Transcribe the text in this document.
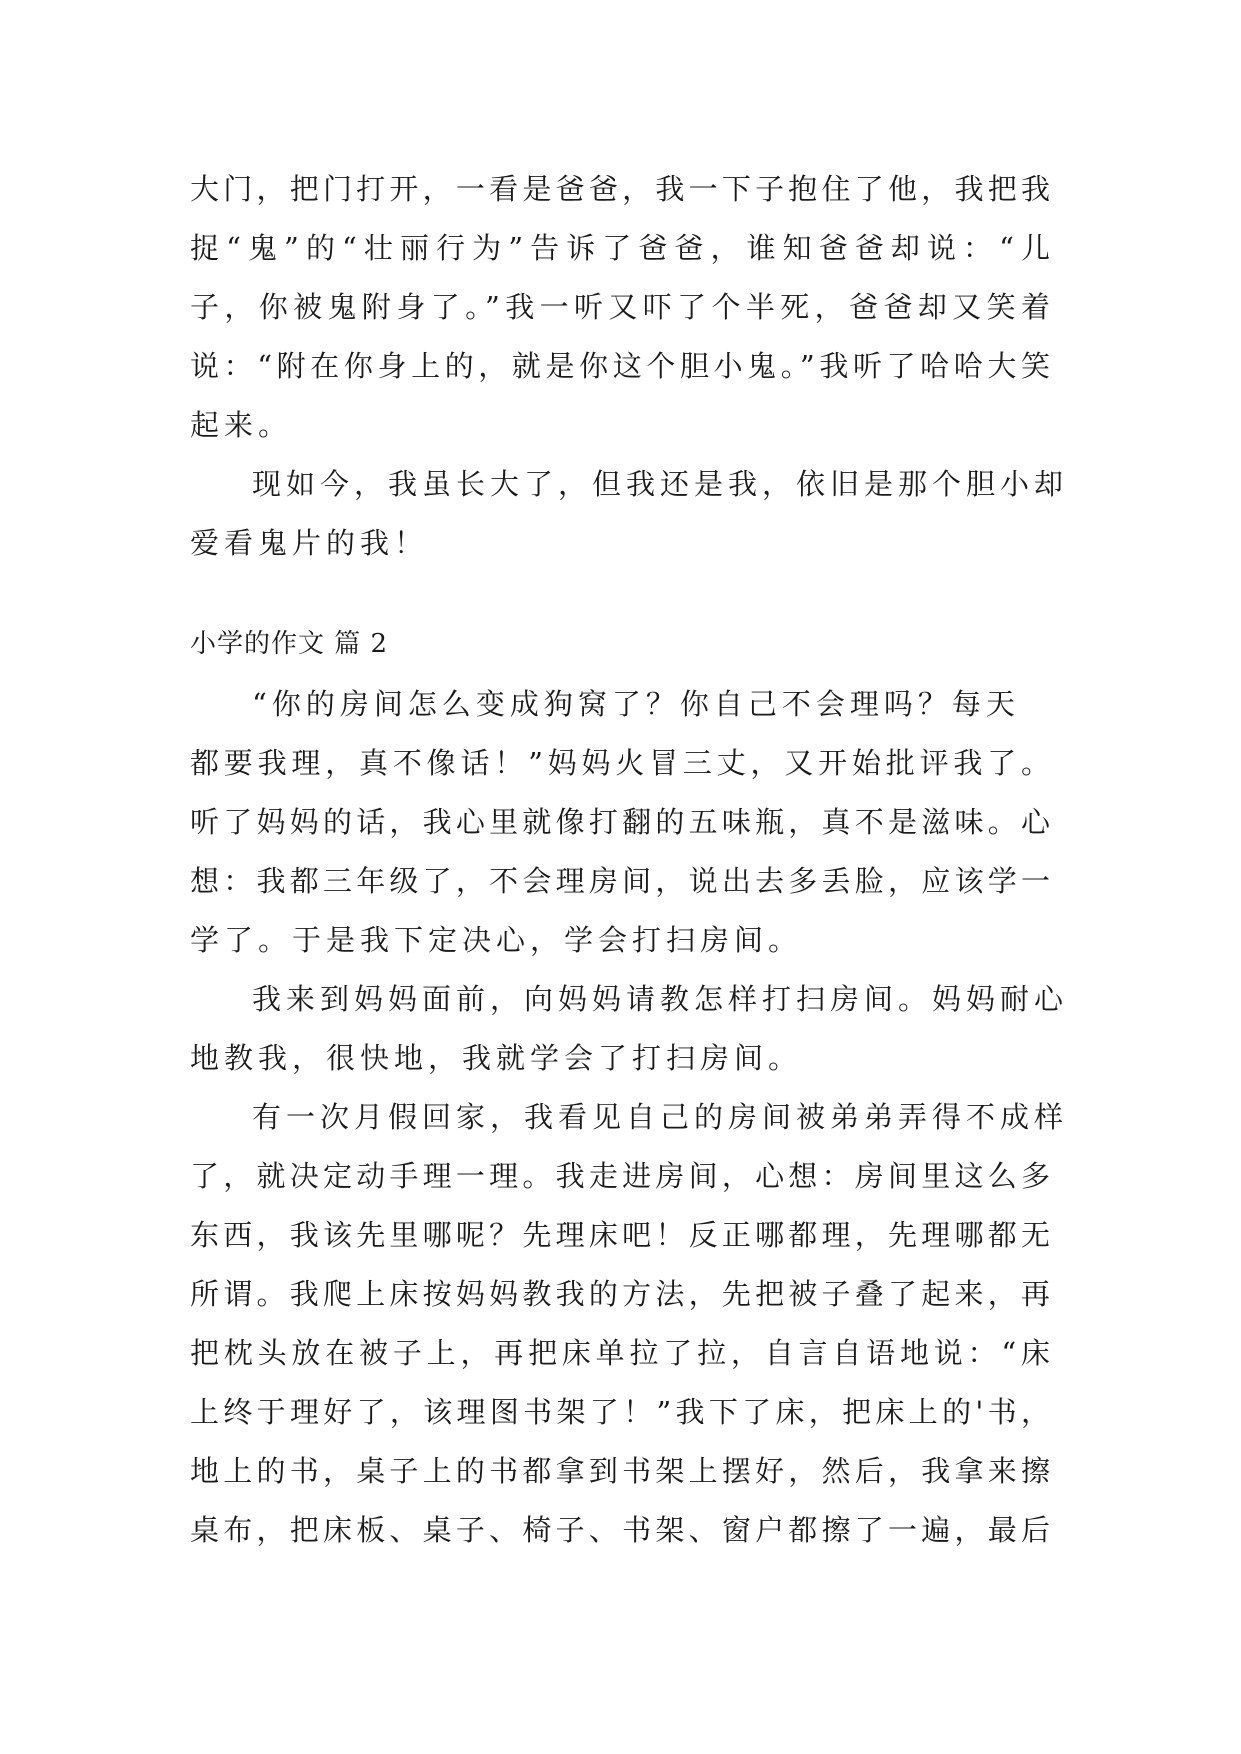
大门，把门打开，一看是爸爸，我一下子抱住了他，我把我
捉“鬼”的“壮丽行为”告诉了爸爸，谁知爸爸却说：“儿
子，你被鬼附身了。”我一听又吓了个半死，爸爸却又笑着
说：“附在你身上的，就是你这个胆小鬼。”我听了哈哈大笑
起来。
现如今，我虽长大了，但我还是我，依旧是那个胆小却
爱看鬼片的我！
小学的作文 篇 2
“你的房间怎么变成狗窝了？你自己不会理吗？每天
都要我理，真不像话！”妈妈火冒三丈，又开始批评我了。
听了妈妈的话，我心里就像打翻的五味瓶，真不是滋味。心
想：我都三年级了，不会理房间，说出去多丢脸，应该学一
学了。于是我下定决心，学会打扫房间。
我来到妈妈面前，向妈妈请教怎样打扫房间。妈妈耐心
地教我，很快地，我就学会了打扫房间。
有一次月假回家，我看见自己的房间被弟弟弄得不成样
了，就决定动手理一理。我走进房间，心想：房间里这么多
东西，我该先里哪呢？先理床吧！反正哪都理，先理哪都无
所谓。我爬上床按妈妈教我的方法，先把被子叠了起来，再
把枕头放在被子上，再把床单拉了拉，自言自语地说：“床
上终于理好了，该理图书架了！”我下了床，把床上的'书，
地上的书，桌子上的书都拿到书架上摆好，然后，我拿来擦
桌布，把床板、桌子、椅子、书架、窗户都擦了一遍，最后
